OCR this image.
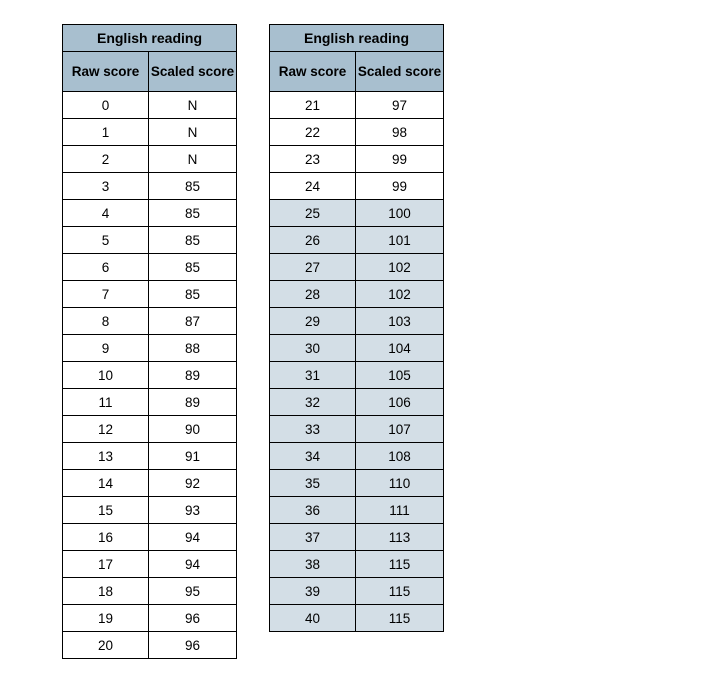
English reading	
Raw score	Scaled score
0	N
1	N
2	N
3	85
4	85
5	85
6	85
7	85
8	87
9	88
10	89
11	89
12	90
13	91
14	92
15	93
16	94
17	94
18	95
19	96
20	96
English reading	
Raw score	Scaled score
21	97
22	98
23	99
24	99
25	100
26	101
27	102
28	102
29	103
30	104
31	105
32	106
33	107
34	108
35	110
36	111
37	113
38	115
39	115
40	115
